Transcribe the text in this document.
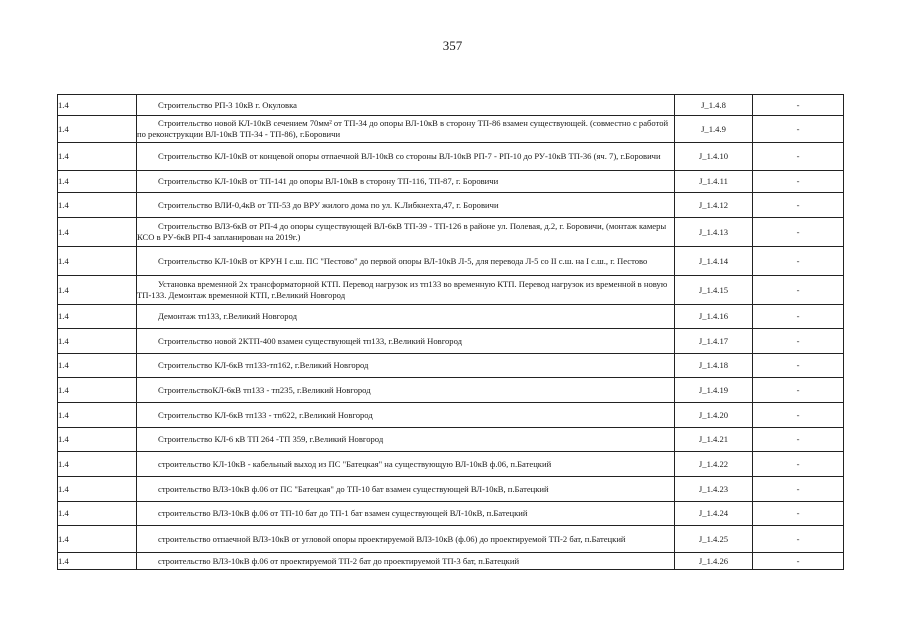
357
1.4	Строительство РП-3 10кВ г. Окуловка	J_1.4.8	-
1.4	Строительство новой КЛ-10кВ сечением 70мм² от ТП-34 до опоры ВЛ-10кВ в сторону ТП-86 взамен существующей. (совместно с работой по реконструкции ВЛ-10кВ ТП-34 - ТП-86), г.Боровичи	J_1.4.9	-
1.4	Строительство КЛ-10кВ от концевой опоры отпаечной ВЛ-10кВ со стороны ВЛ-10кВ РП-7 - РП-10 до РУ-10кВ ТП-36 (яч. 7), г.Боровичи	J_1.4.10	-
1.4	Строительство КЛ-10кВ от ТП-141 до опоры ВЛ-10кВ в сторону ТП-116, ТП-87, г. Боровичи	J_1.4.11	-
1.4	Строительство ВЛИ-0,4кВ от ТП-53 до ВРУ жилого дома по ул. К.Либкнехта,47, г. Боровичи	J_1.4.12	-
1.4	Строительство ВЛЗ-6кВ от РП-4 до опоры существующей ВЛ-6кВ ТП-39 - ТП-126 в районе ул. Полевая, д.2, г. Боровичи, (монтаж камеры КСО в РУ-6кВ РП-4 запланирован на 2019г.)	J_1.4.13	-
1.4	Строительство КЛ-10кВ от КРУН I с.ш. ПС "Пестово" до первой опоры ВЛ-10кВ Л-5, для перевода Л-5 со II с.ш. на I с.ш., г. Пестово	J_1.4.14	-
1.4	Установка временной 2х трансформаторной КТП. Перевод нагрузок из тп133 во временную КТП. Перевод нагрузок из временной в новую ТП-133. Демонтаж временной КТП, г.Великий Новгород	J_1.4.15	-
1.4	Демонтаж тп133, г.Великий Новгород	J_1.4.16	-
1.4	Строительство новой 2КТП-400 взамен существующей тп133, г.Великий Новгород	J_1.4.17	-
1.4	Строительство КЛ-6кВ тп133-тп162, г.Великий Новгород	J_1.4.18	-
1.4	СтроительствоКЛ-6кВ тп133 - тп235, г.Великий Новгород	J_1.4.19	-
1.4	Строительство КЛ-6кВ тп133 - тп622, г.Великий Новгород	J_1.4.20	-
1.4	Строительство КЛ-6 кВ ТП 264 -ТП 359, г.Великий Новгород	J_1.4.21	-
1.4	строительство КЛ-10кВ - кабельный выход из ПС "Батецкая" на существующую ВЛ-10кВ ф.06, п.Батецкий	J_1.4.22	-
1.4	строительство ВЛЗ-10кВ ф.06 от ПС "Батецкая" до ТП-10 бат взамен существующей ВЛ-10кВ, п.Батецкий	J_1.4.23	-
1.4	строительство ВЛЗ-10кВ ф.06 от ТП-10 бат до ТП-1 бат взамен существующей ВЛ-10кВ, п.Батецкий	J_1.4.24	-
1.4	строительство отпаечной ВЛЗ-10кВ от угловой опоры проектируемой ВЛЗ-10кВ (ф.06) до проектируемой ТП-2 бат, п.Батецкий	J_1.4.25	-
1.4	строительство ВЛЗ-10кВ ф.06 от проектируемой ТП-2 бат до проектируемой ТП-3 бат, п.Батецкий	J_1.4.26	-
